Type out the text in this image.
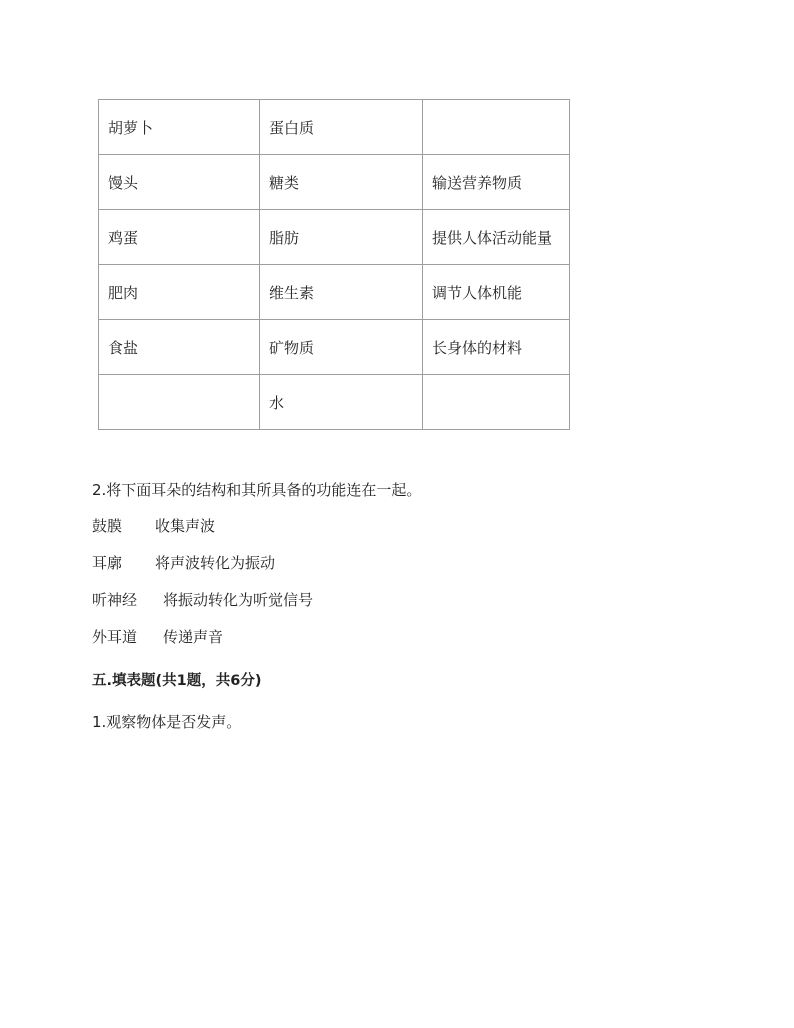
胡萝卜	蛋白质	
馒头	糖类	输送营养物质
鸡蛋	脂肪	提供人体活动能量
肥肉	维生素	调节人体机能
食盐	矿物质	长身体的材料
	水	
2.将下面耳朵的结构和其所具备的功能连在一起。
鼓膜 收集声波
耳廓 将声波转化为振动
听神经 将振动转化为听觉信号
外耳道 传递声音
五.填表题(共1题，共6分)
1.观察物体是否发声。
